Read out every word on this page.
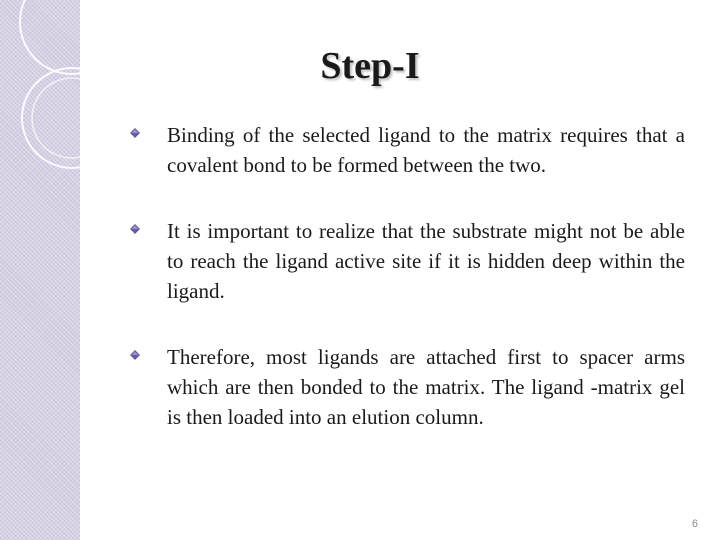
Step-I
Binding of the selected ligand to the matrix requires that a covalent bond to be formed between the two.
It is important to realize that the substrate might not be able to reach the ligand active site if it is hidden deep within the ligand.
Therefore, most ligands are attached first to spacer arms which are then bonded to the matrix. The ligand -matrix gel is then loaded into an elution column.
6
